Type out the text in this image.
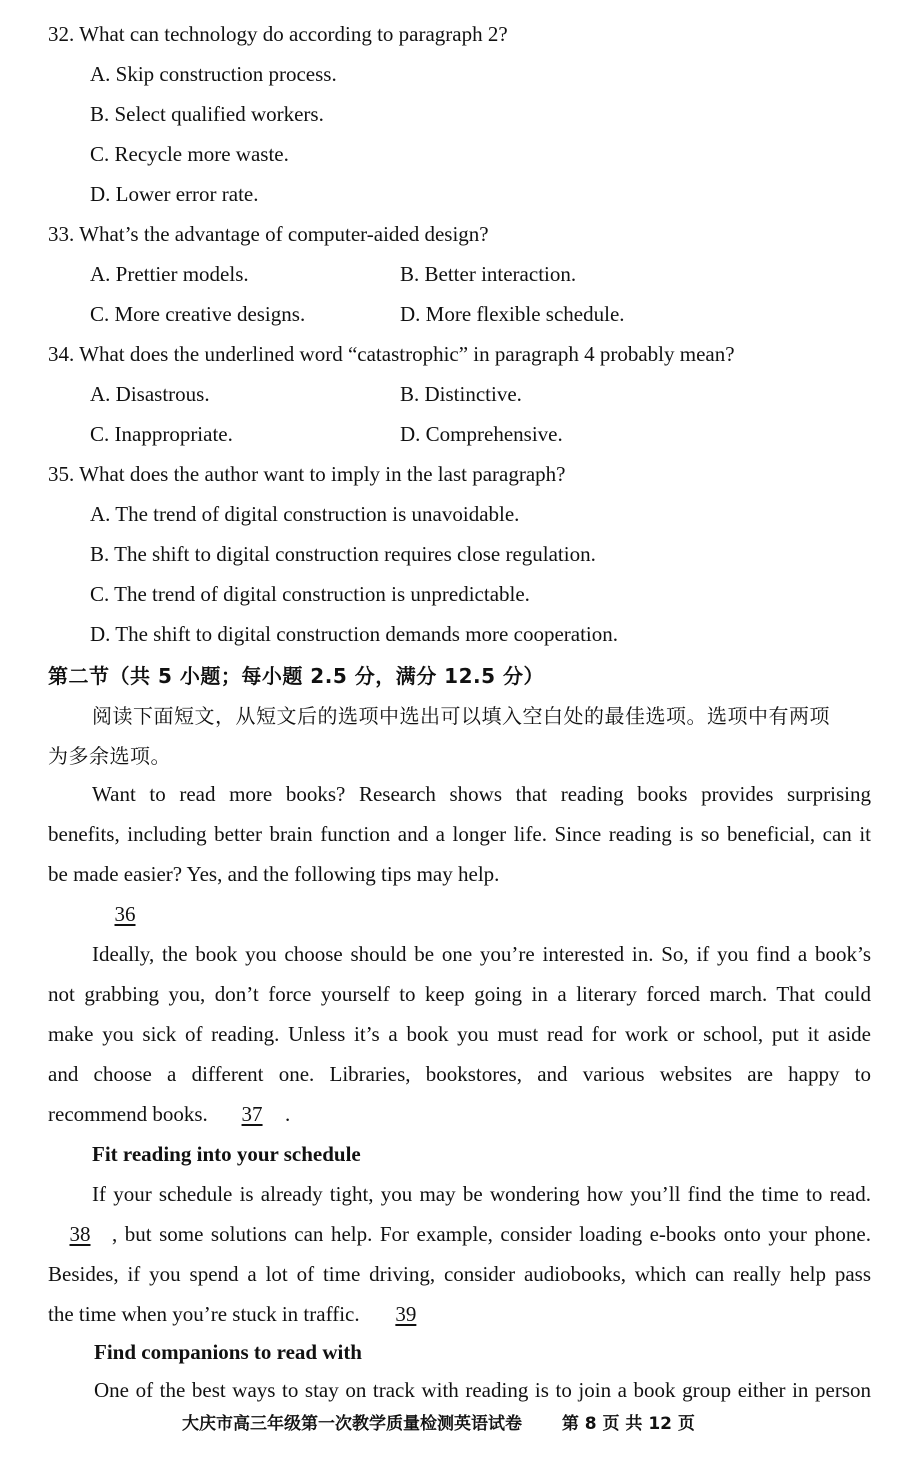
32. What can technology do according to paragraph 2?
A. Skip construction process.
B. Select qualified workers.
C. Recycle more waste.
D. Lower error rate.
33. What’s the advantage of computer-aided design?
A. Prettier models.	B. Better interaction.
C. More creative designs.	D. More flexible schedule.
34. What does the underlined word “catastrophic” in paragraph 4 probably mean?
A. Disastrous.	B. Distinctive.
C. Inappropriate.	D. Comprehensive.
35. What does the author want to imply in the last paragraph?
A. The trend of digital construction is unavoidable.
B. The shift to digital construction requires close regulation.
C. The trend of digital construction is unpredictable.
D. The shift to digital construction demands more cooperation.
第二节（共 5 小题；每小题 2.5 分，满分 12.5 分）
阅读下面短文，从短文后的选项中选出可以填入空白处的最佳选项。选项中有两项
为多余选项。
Want to read more books? Research shows that reading books provides surprising
benefits, including better brain function and a longer life. Since reading is so beneficial, can it
be made easier? Yes, and the following tips may help.
36
Ideally, the book you choose should be one you’re interested in. So, if you find a book’s
not grabbing you, don’t force yourself to keep going in a literary forced march. That could
make you sick of reading. Unless it’s a book you must read for work or school, put it aside
and choose a different one. Libraries, bookstores, and various websites are happy to
recommend books. 37 .
Fit reading into your schedule
If your schedule is already tight, you may be wondering how you’ll find the time to read.
38	, but some solutions can help. For example, consider loading e-books onto your phone.
Besides, if you spend a lot of time driving, consider audiobooks, which can really help pass
the time when you’re stuck in traffic. 39
Find companions to read with
One of the best ways to stay on track with reading is to join a book group either in person
大庆市高三年级第一次教学质量检测英语试卷 第 8 页 共 12 页
